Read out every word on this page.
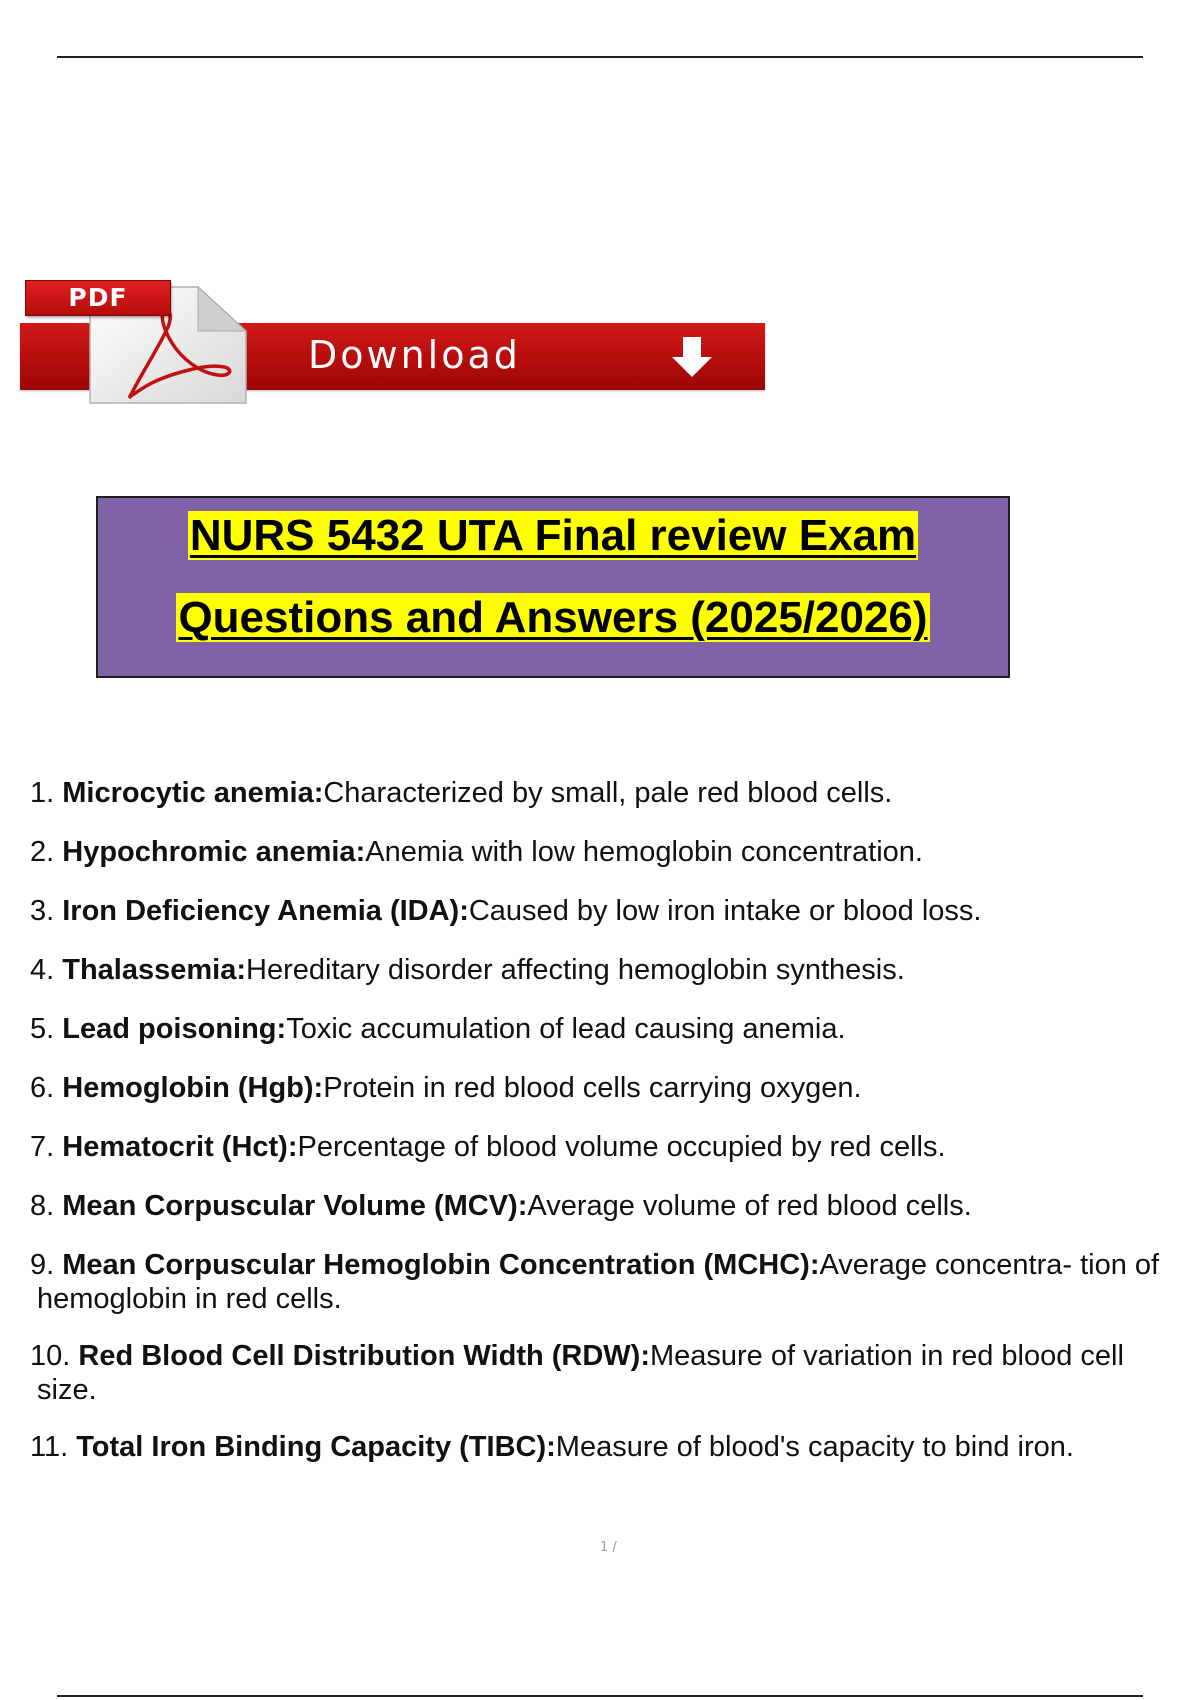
PDF
Download
NURS 5432 UTA Final review Exam
Questions and Answers (2025/2026)
1. Microcytic anemia:Characterized by small, pale red blood cells.
2. Hypochromic anemia:Anemia with low hemoglobin concentration.
3. Iron Deficiency Anemia (IDA):Caused by low iron intake or blood loss.
4. Thalassemia:Hereditary disorder affecting hemoglobin synthesis.
5. Lead poisoning:Toxic accumulation of lead causing anemia.
6. Hemoglobin (Hgb):Protein in red blood cells carrying oxygen.
7. Hematocrit (Hct):Percentage of blood volume occupied by red cells.
8. Mean Corpuscular Volume (MCV):Average volume of red blood cells.
9. Mean Corpuscular Hemoglobin Concentration (MCHC):Average concentra- tion of hemoglobin in red cells.
10. Red Blood Cell Distribution Width (RDW):Measure of variation in red blood cell size.
11. Total Iron Binding Capacity (TIBC):Measure of blood's capacity to bind iron.
1 /
